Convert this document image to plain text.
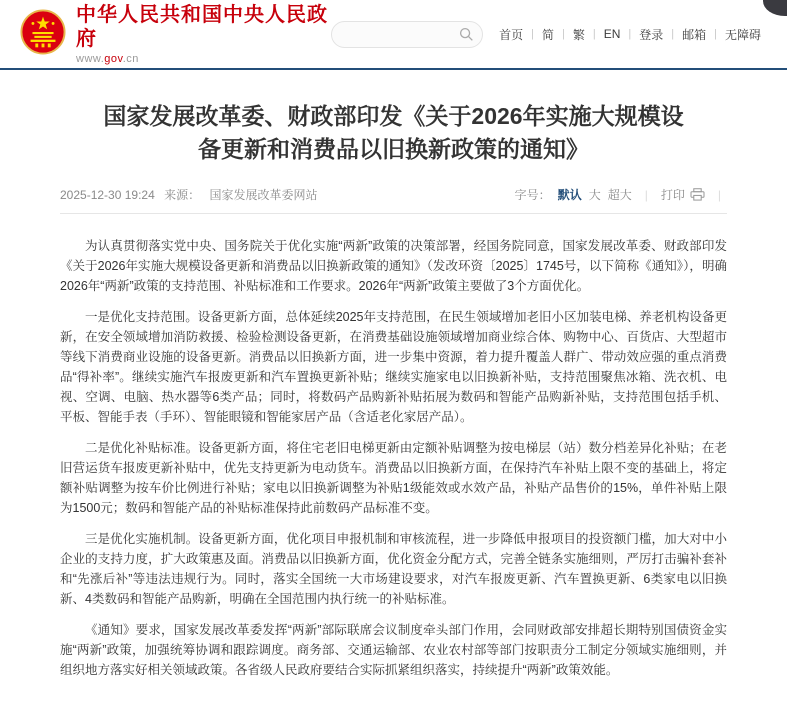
中华人民共和国中央人民政府
www.gov.cn
首页 | 简 | 繁 | EN | 登录 | 邮箱 | 无障碍
国家发展改革委、财政部印发《关于2026年实施大规模设备更新和消费品以旧换新政策的通知》
2025-12-30 19:24 来源： 国家发展改革委网站	字号： 默认 大 超大 | 打印
|

为认真贯彻落实党中央、国务院关于优化实施“两新”政策的决策部署，经国务院同意，国家发展改革委、财政部印发《关于2026年实施大规模设备更新和消费品以旧换新政策的通知》（发改环资〔2025〕1745号，以下简称《通知》），明确2026年“两新”政策的支持范围、补贴标准和工作要求。2026年“两新”政策主要做了3个方面优化。

一是优化支持范围。设备更新方面，总体延续2025年支持范围，在民生领域增加老旧小区加装电梯、养老机构设备更新，在安全领域增加消防救援、检验检测设备更新，在消费基础设施领域增加商业综合体、购物中心、百货店、大型超市等线下消费商业设施的设备更新。消费品以旧换新方面，进一步集中资源，着力提升覆盖人群广、带动效应强的重点消费品“得补率”。继续实施汽车报废更新和汽车置换更新补贴；继续实施家电以旧换新补贴，支持范围聚焦冰箱、洗衣机、电视、空调、电脑、热水器等6类产品；同时，将数码产品购新补贴拓展为数码和智能产品购新补贴，支持范围包括手机、平板、智能手表（手环）、智能眼镜和智能家居产品（含适老化家居产品）。

二是优化补贴标准。设备更新方面，将住宅老旧电梯更新由定额补贴调整为按电梯层（站）数分档差异化补贴；在老旧营运货车报废更新补贴中，优先支持更新为电动货车。消费品以旧换新方面，在保持汽车补贴上限不变的基础上，将定额补贴调整为按车价比例进行补贴；家电以旧换新调整为补贴1级能效或水效产品，补贴产品售价的15%，单件补贴上限为1500元；数码和智能产品的补贴标准保持此前数码产品标准不变。

三是优化实施机制。设备更新方面，优化项目申报机制和审核流程，进一步降低申报项目的投资额门槛，加大对中小企业的支持力度，扩大政策惠及面。消费品以旧换新方面，优化资金分配方式，完善全链条实施细则，严厉打击骗补套补和“先涨后补”等违法违规行为。同时，落实全国统一大市场建设要求，对汽车报废更新、汽车置换更新、6类家电以旧换新、4类数码和智能产品购新，明确在全国范围内执行统一的补贴标准。

《通知》要求，国家发展改革委发挥“两新”部际联席会议制度牵头部门作用，会同财政部安排超长期特别国债资金实施“两新”政策，加强统筹协调和跟踪调度。商务部、交通运输部、农业农村部等部门按职责分工制定分领域实施细则，并组织地方落实好相关领域政策。各省级人民政府要结合实际抓紧组织落实，持续提升“两新”政策效能。
